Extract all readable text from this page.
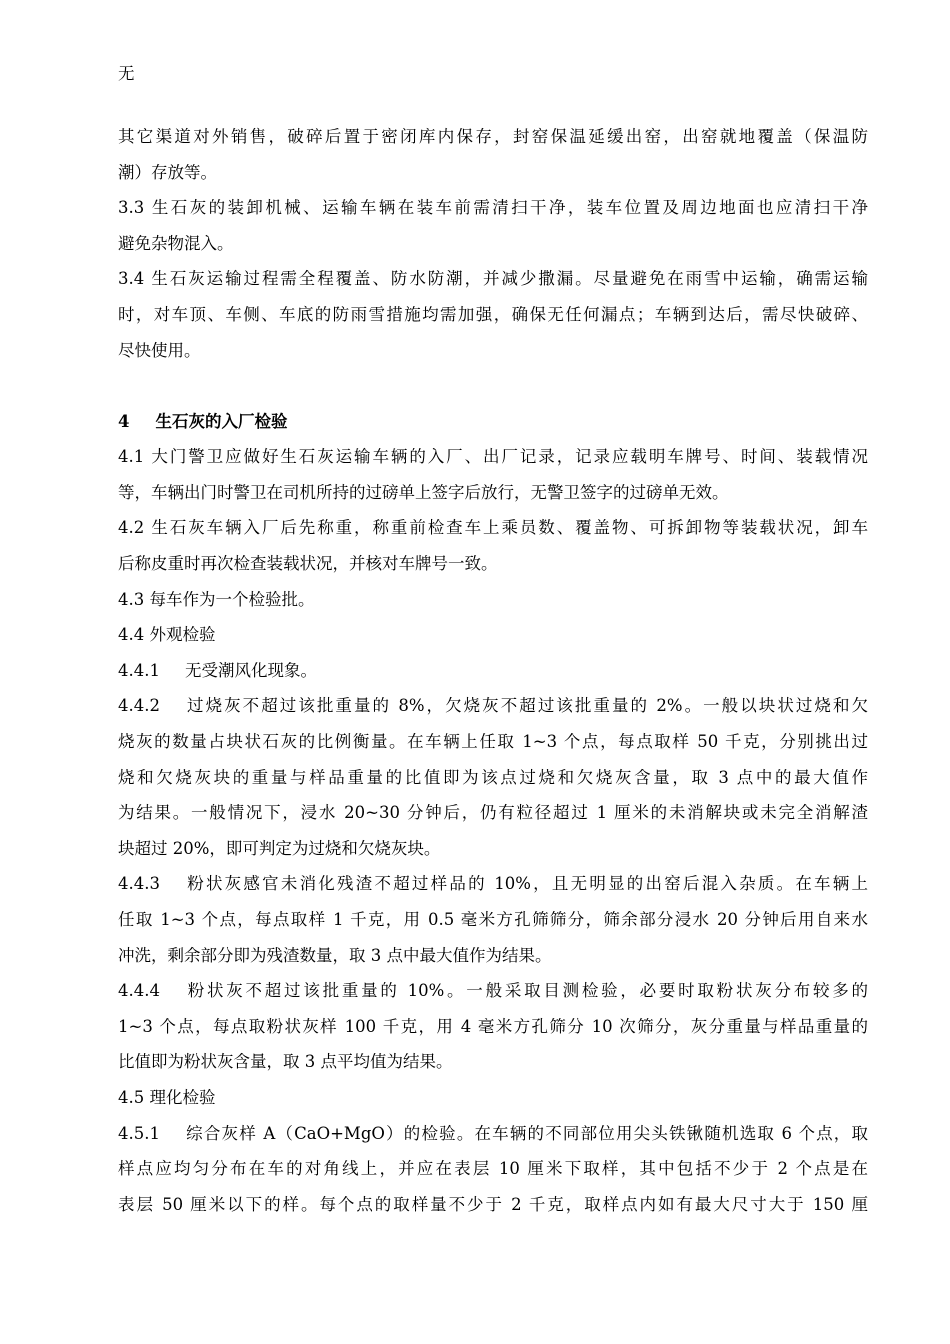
无
其它渠道对外销售，破碎后置于密闭库内保存，封窑保温延缓出窑，出窑就地覆盖（保温防
潮）存放等。
3.3 生石灰的装卸机械、运输车辆在装车前需清扫干净，装车位置及周边地面也应清扫干净
避免杂物混入。
3.4 生石灰运输过程需全程覆盖、防水防潮，并减少撒漏。尽量避免在雨雪中运输，确需运输
时，对车顶、车侧、车底的防雨雪措施均需加强，确保无任何漏点；车辆到达后，需尽快破碎、
尽快使用。
4 生石灰的入厂检验
4.1 大门警卫应做好生石灰运输车辆的入厂、出厂记录，记录应载明车牌号、时间、装载情况
等，车辆出门时警卫在司机所持的过磅单上签字后放行，无警卫签字的过磅单无效。
4.2 生石灰车辆入厂后先称重，称重前检查车上乘员数、覆盖物、可拆卸物等装载状况，卸车
后称皮重时再次检查装载状况，并核对车牌号一致。
4.3 每车作为一个检验批。
4.4 外观检验
4.4.1 无受潮风化现象。
4.4.2 过烧灰不超过该批重量的 8%，欠烧灰不超过该批重量的 2%。一般以块状过烧和欠
烧灰的数量占块状石灰的比例衡量。在车辆上任取 1~3 个点，每点取样 50 千克，分别挑出过
烧和欠烧灰块的重量与样品重量的比值即为该点过烧和欠烧灰含量，取 3 点中的最大值作
为结果。一般情况下，浸水 20~30 分钟后，仍有粒径超过 1 厘米的未消解块或未完全消解渣
块超过 20%，即可判定为过烧和欠烧灰块。
4.4.3 粉状灰感官未消化残渣不超过样品的 10%，且无明显的出窑后混入杂质。在车辆上
任取 1~3 个点，每点取样 1 千克，用 0.5 毫米方孔筛筛分，筛余部分浸水 20 分钟后用自来水
冲洗，剩余部分即为残渣数量，取 3 点中最大值作为结果。
4.4.4 粉状灰不超过该批重量的 10%。一般采取目测检验，必要时取粉状灰分布较多的
1~3 个点，每点取粉状灰样 100 千克，用 4 毫米方孔筛分 10 次筛分，灰分重量与样品重量的
比值即为粉状灰含量，取 3 点平均值为结果。
4.5 理化检验
4.5.1 综合灰样 A（CaO+MgO）的检验。在车辆的不同部位用尖头铁锹随机选取 6 个点，取
样点应均匀分布在车的对角线上，并应在表层 10 厘米下取样，其中包括不少于 2 个点是在
表层 50 厘米以下的样。每个点的取样量不少于 2 千克，取样点内如有最大尺寸大于 150 厘
